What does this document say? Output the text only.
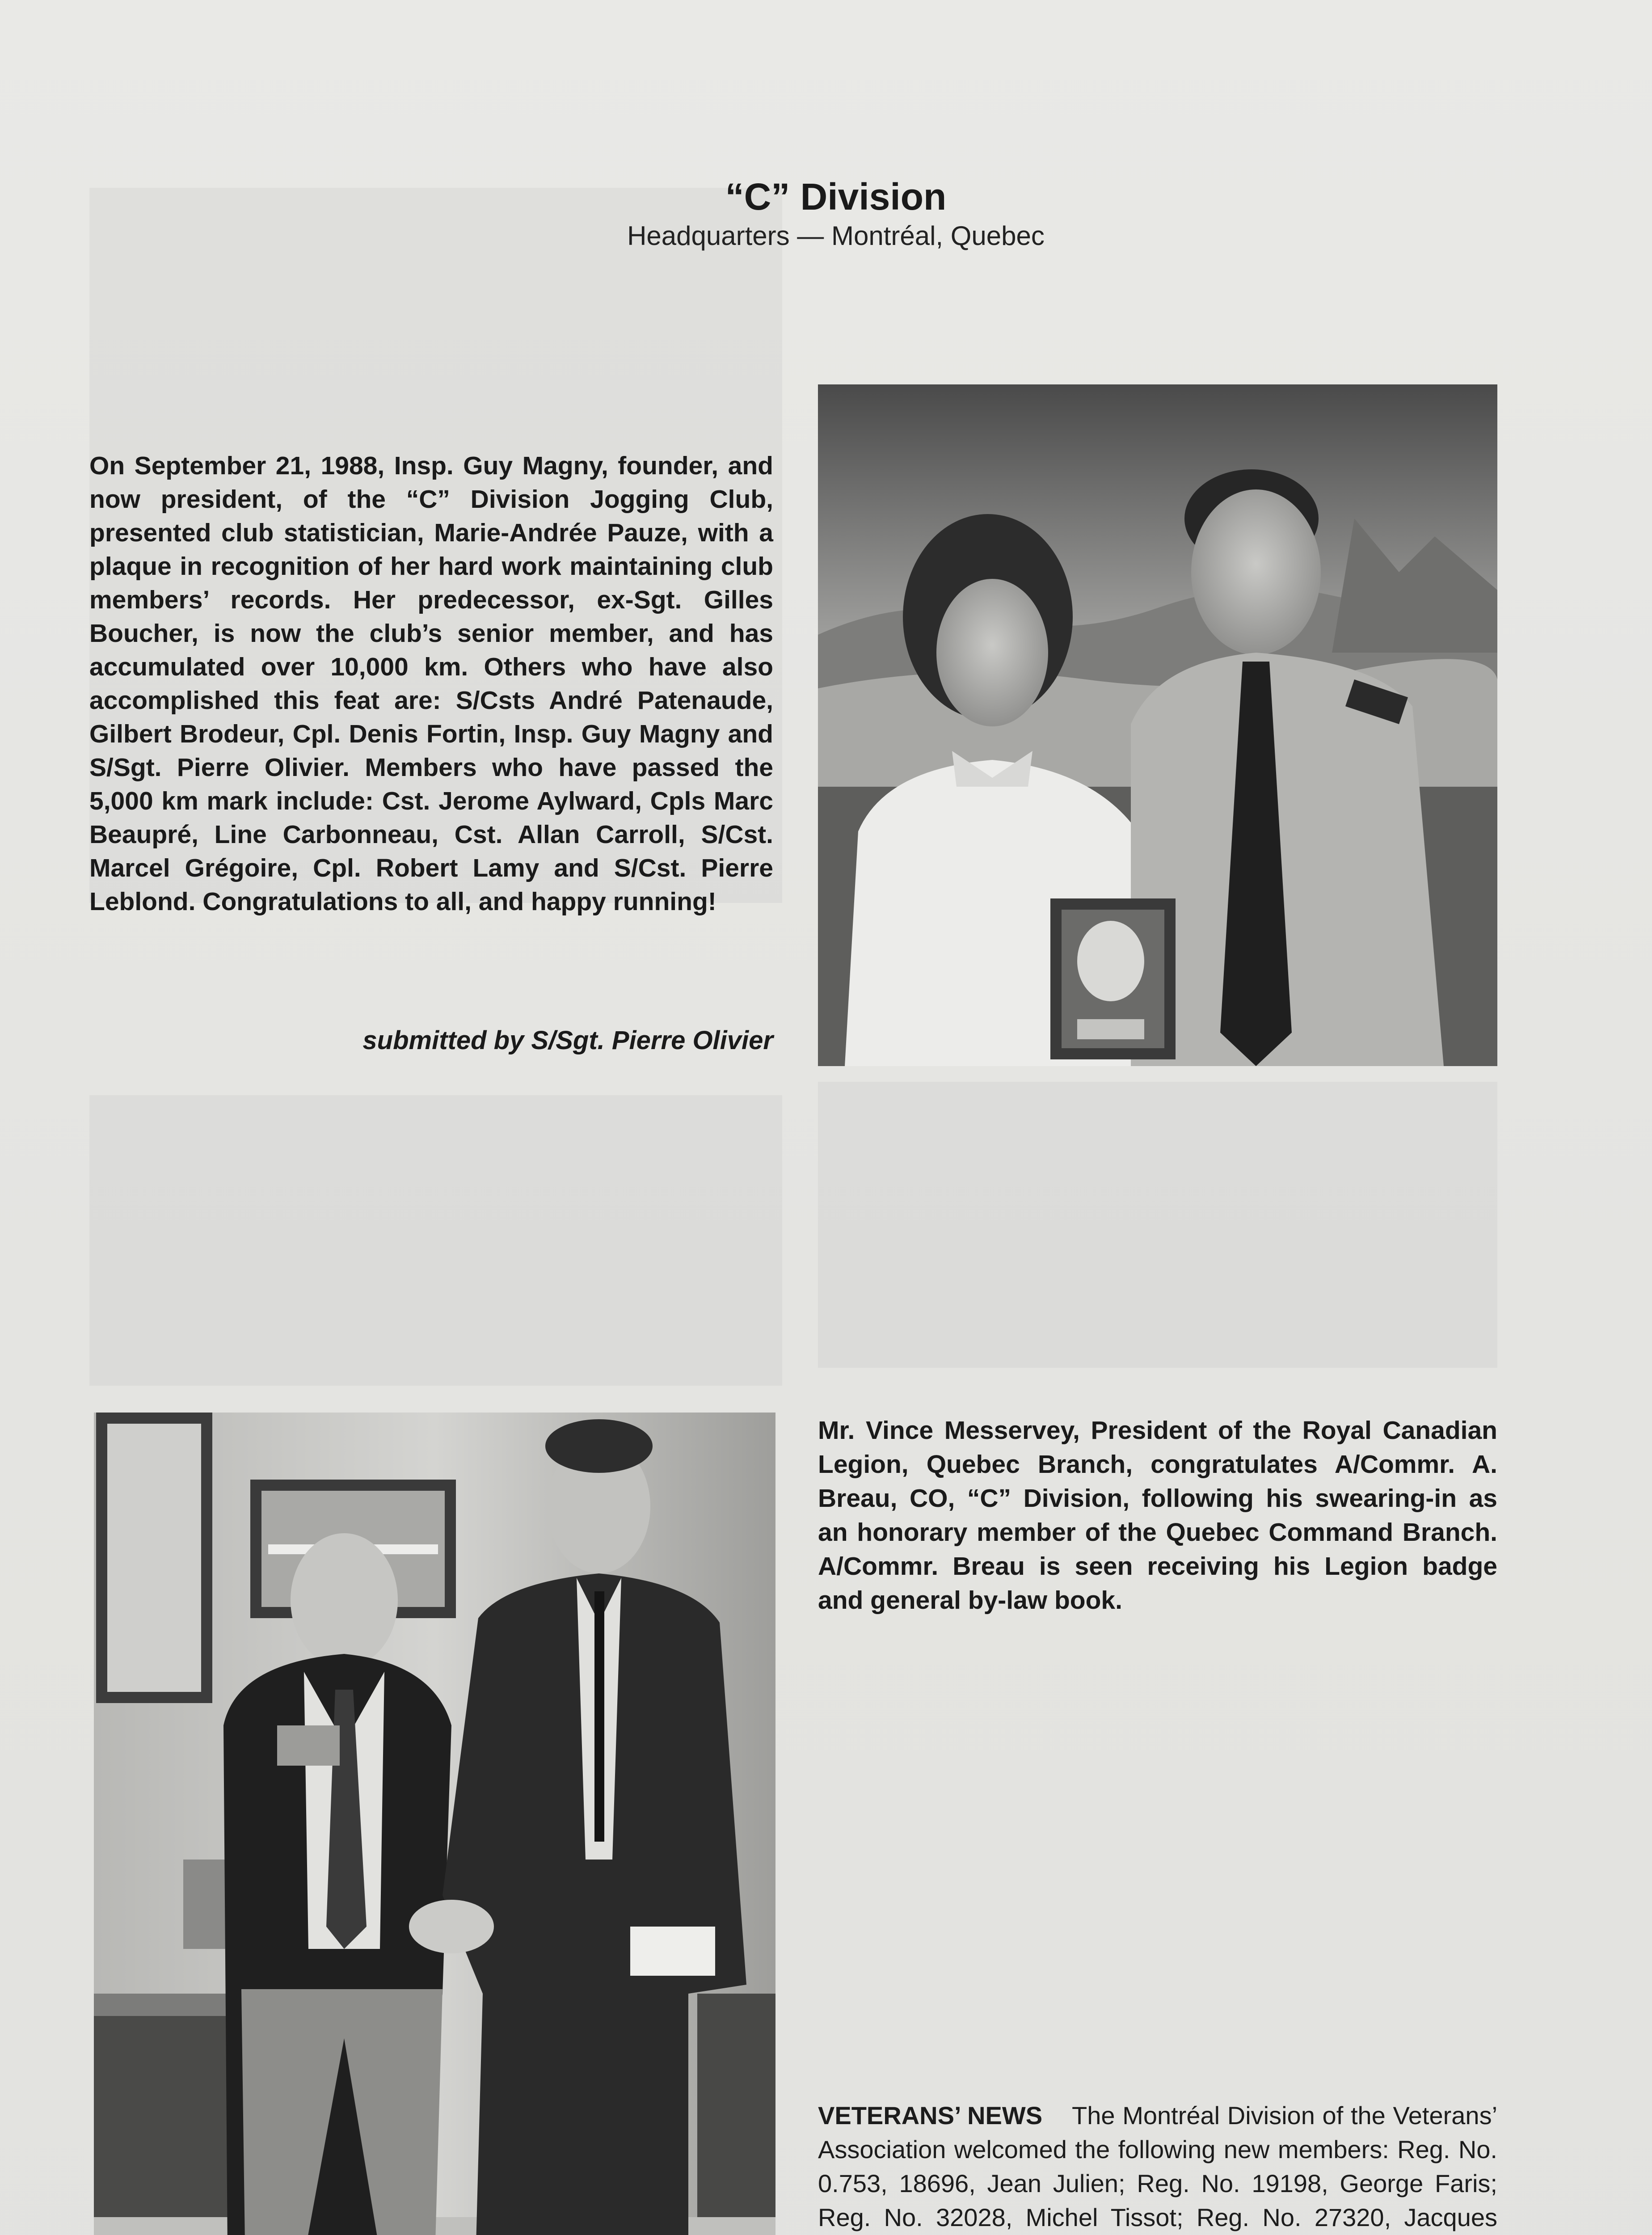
“C” Division
Headquarters — Montréal, Quebec
On September 21, 1988, Insp. Guy Magny, founder, and now president, of the “C” Division Jogging Club, presented club statistician, Marie-Andrée Pauze, with a plaque in recognition of her hard work maintaining club members’ records. Her predecessor, ex-Sgt. Gilles Boucher, is now the club’s senior member, and has accumulated over 10,000 km. Others who have also accomplished this feat are: S/Csts André Patenaude, Gilbert Brodeur, Cpl. Denis Fortin, Insp. Guy Magny and S/Sgt. Pierre Olivier. Members who have passed the 5,000 km mark include: Cst. Jerome Aylward, Cpls Marc Beaupré, Line Carbonneau, Cst. Allan Carroll, S/Cst. Marcel Grégoire, Cpl. Robert Lamy and S/Cst. Pierre Leblond. Congratulations to all, and happy running!
submitted by S/Sgt. Pierre Olivier
Mr. Vince Messervey, President of the Royal Canadian Legion, Quebec Branch, congratulates A/Commr. A. Breau, CO, “C” Division, following his swearing-in as an honorary member of the Quebec Command Branch. A/Commr. Breau is seen receiving his Legion badge and general by-law book.
VETERANS’ NEWS The Montréal Division of the Veterans’ Association welcomed the following new members: Reg. No. 0.753, 18696, Jean Julien; Reg. No. 19198, George Faris; Reg. No. 32028, Michel Tissot; Reg. No. 27320, Jacques
